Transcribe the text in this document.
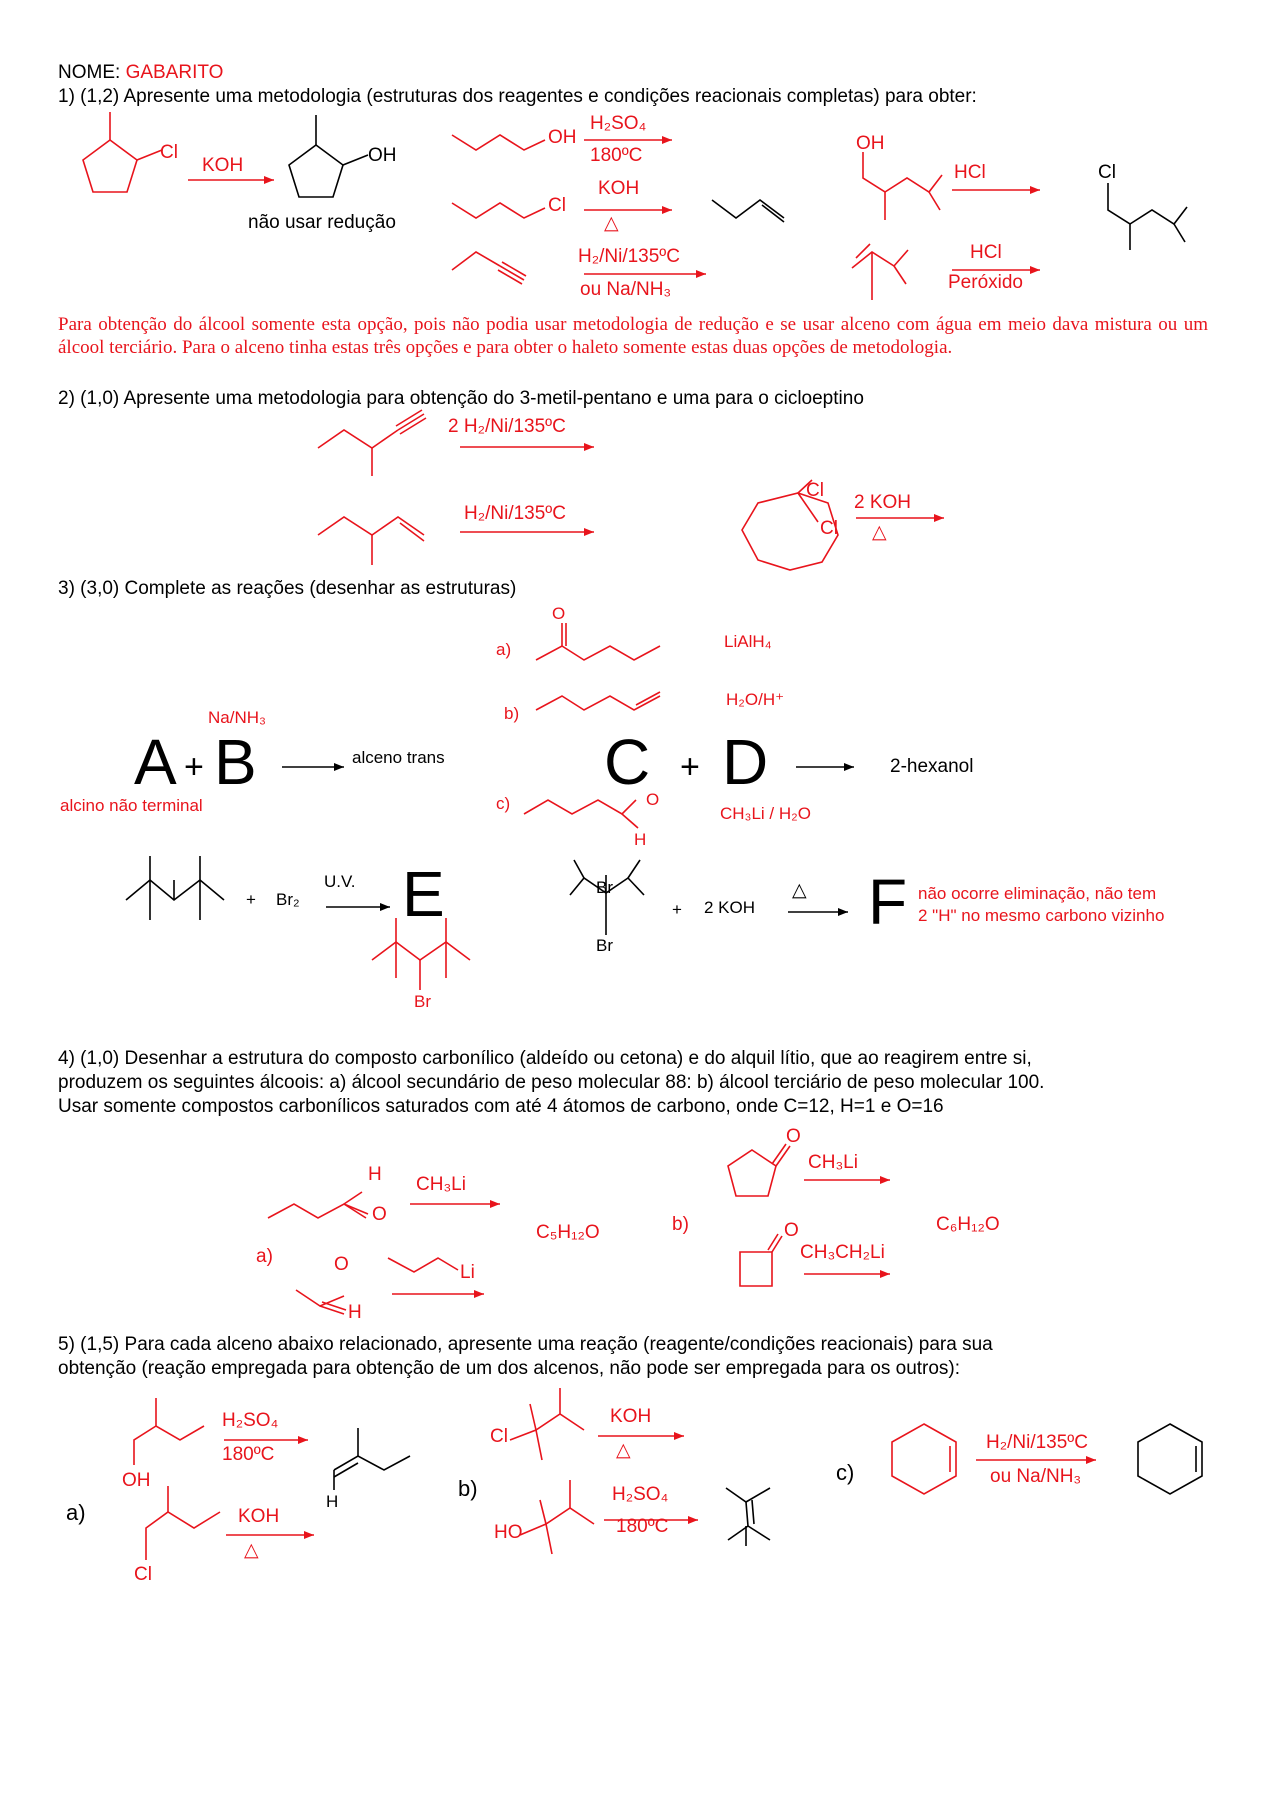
NOME: GABARITO
1) (1,2) Apresente uma metodologia (estruturas dos reagentes e condições reacionais completas) para obter:
Cl
KOH	OH
não usar redução
OH
H₂SO₄
180ºC
Cl
KOH
△
H₂/Ni/135ºC
ou Na/NH₃
OH
HCl	Cl
HCl
Peróxido
Para obtenção do álcool somente esta opção, pois não podia usar metodologia de redução e se usar alceno com água em meio dava mistura ou um álcool terciário. Para o alceno tinha estas três opções e para obter o haleto somente estas duas opções de metodologia.
2) (1,0) Apresente uma metodologia para obtenção do 3-metil-pentano e uma para o cicloeptino
2 H₂/Ni/135ºC
H₂/Ni/135ºC
Cl
Cl
2 KOH
△
3) (3,0) Complete as reações (desenhar as estruturas)
Na/NH₃
A + B
alcino não terminal
alceno trans
a)
O
LiAlH₄
b)
H₂O/H⁺
c)	O
H
C + D	2-hexanol
CH₃Li / H₂O
+ Br₂
U.V. E
Br
Br
Br
+ 2 KOH
△ F não ocorre eliminação, não tem
2 "H" no mesmo carbono vizinho
4) (1,0) Desenhar a estrutura do composto carbonílico (aldeído ou cetona) e do alquil lítio, que ao reagirem entre si,
produzem os seguintes álcoois: a) álcool secundário de peso molecular 88: b) álcool terciário de peso molecular 100.
Usar somente compostos carbonílicos saturados com até 4 átomos de carbono, onde C=12, H=1 e O=16
H
O
CH₃Li
C₅H₁₂O
a)	O
H
Li
b)
O
CH₃Li
C₆H₁₂O
O
CH₃CH₂Li
5) (1,5) Para cada alceno abaixo relacionado, apresente uma reação (reagente/condições reacionais) para sua
obtenção (reação empregada para obtenção de um dos alcenos, não pode ser empregada para os outros):
a)
OH
H₂SO₄
180ºC
KOH
△
Cl
H
b)
Cl
KOH
△
HO
H₂SO₄
180ºC
c)
H₂/Ni/135ºC
ou Na/NH₃
